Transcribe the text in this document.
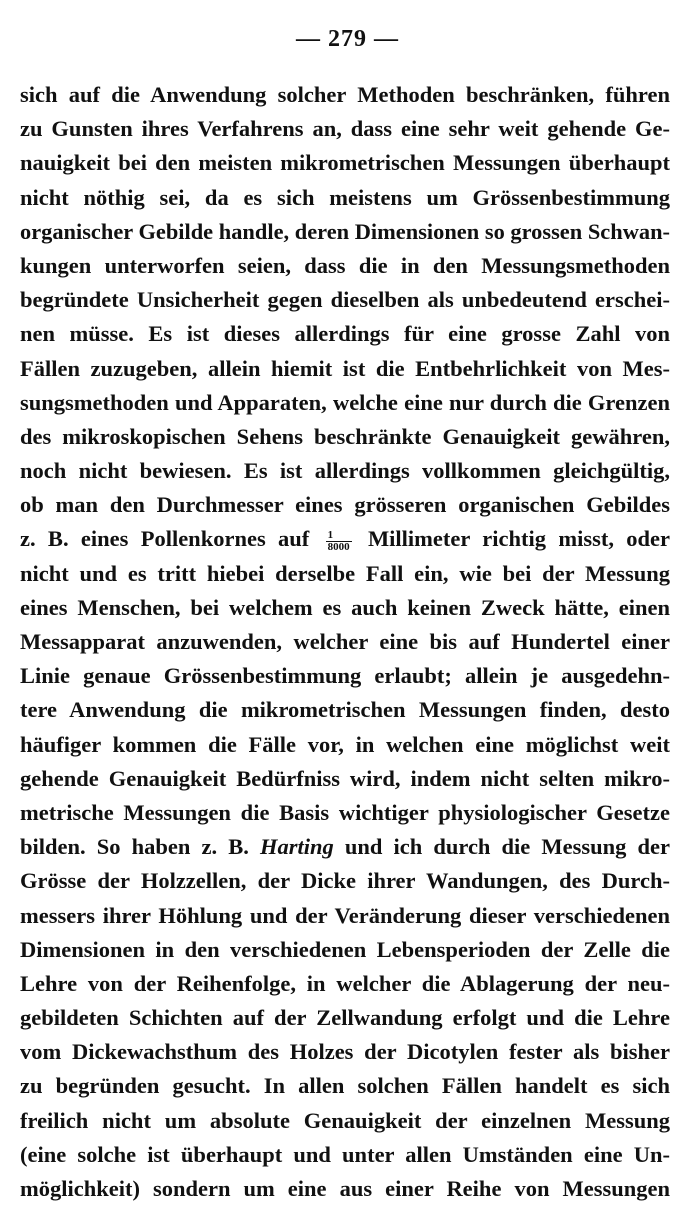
— 279 —
sich auf die Anwendung solcher Methoden beschränken, führen
zu Gunsten ihres Verfahrens an, dass eine sehr weit gehende Ge-
nauigkeit bei den meisten mikrometrischen Messungen überhaupt
nicht nöthig sei, da es sich meistens um Grössenbestimmung
organischer Gebilde handle, deren Dimensionen so grossen Schwan-
kungen unterworfen seien, dass die in den Messungsmethoden
begründete Unsicherheit gegen dieselben als unbedeutend erschei-
nen müsse. Es ist dieses allerdings für eine grosse Zahl von
Fällen zuzugeben, allein hiemit ist die Entbehrlichkeit von Mes-
sungsmethoden und Apparaten, welche eine nur durch die Grenzen
des mikroskopischen Sehens beschränkte Genauigkeit gewähren,
noch nicht bewiesen. Es ist allerdings vollkommen gleichgültig,
ob man den Durchmesser eines grösseren organischen Gebildes
z. B. eines Pollenkornes auf $\frac{1}{8000}$ Millimeter richtig misst, oder
nicht und es tritt hiebei derselbe Fall ein, wie bei der Messung
eines Menschen, bei welchem es auch keinen Zweck hätte, einen
Messapparat anzuwenden, welcher eine bis auf Hundertel einer
Linie genaue Grössenbestimmung erlaubt; allein je ausgedehn-
tere Anwendung die mikrometrischen Messungen finden, desto
häufiger kommen die Fälle vor, in welchen eine möglichst weit
gehende Genauigkeit Bedürfniss wird, indem nicht selten mikro-
metrische Messungen die Basis wichtiger physiologischer Gesetze
bilden. So haben z. B. Harting und ich durch die Messung der
Grösse der Holzzellen, der Dicke ihrer Wandungen, des Durch-
messers ihrer Höhlung und der Veränderung dieser verschiedenen
Dimensionen in den verschiedenen Lebensperioden der Zelle die
Lehre von der Reihenfolge, in welcher die Ablagerung der neu-
gebildeten Schichten auf der Zellwandung erfolgt und die Lehre
vom Dickewachsthum des Holzes der Dicotylen fester als bisher
zu begründen gesucht. In allen solchen Fällen handelt es sich
freilich nicht um absolute Genauigkeit der einzelnen Messung
(eine solche ist überhaupt und unter allen Umständen eine Un-
möglichkeit) sondern um eine aus einer Reihe von Messungen
